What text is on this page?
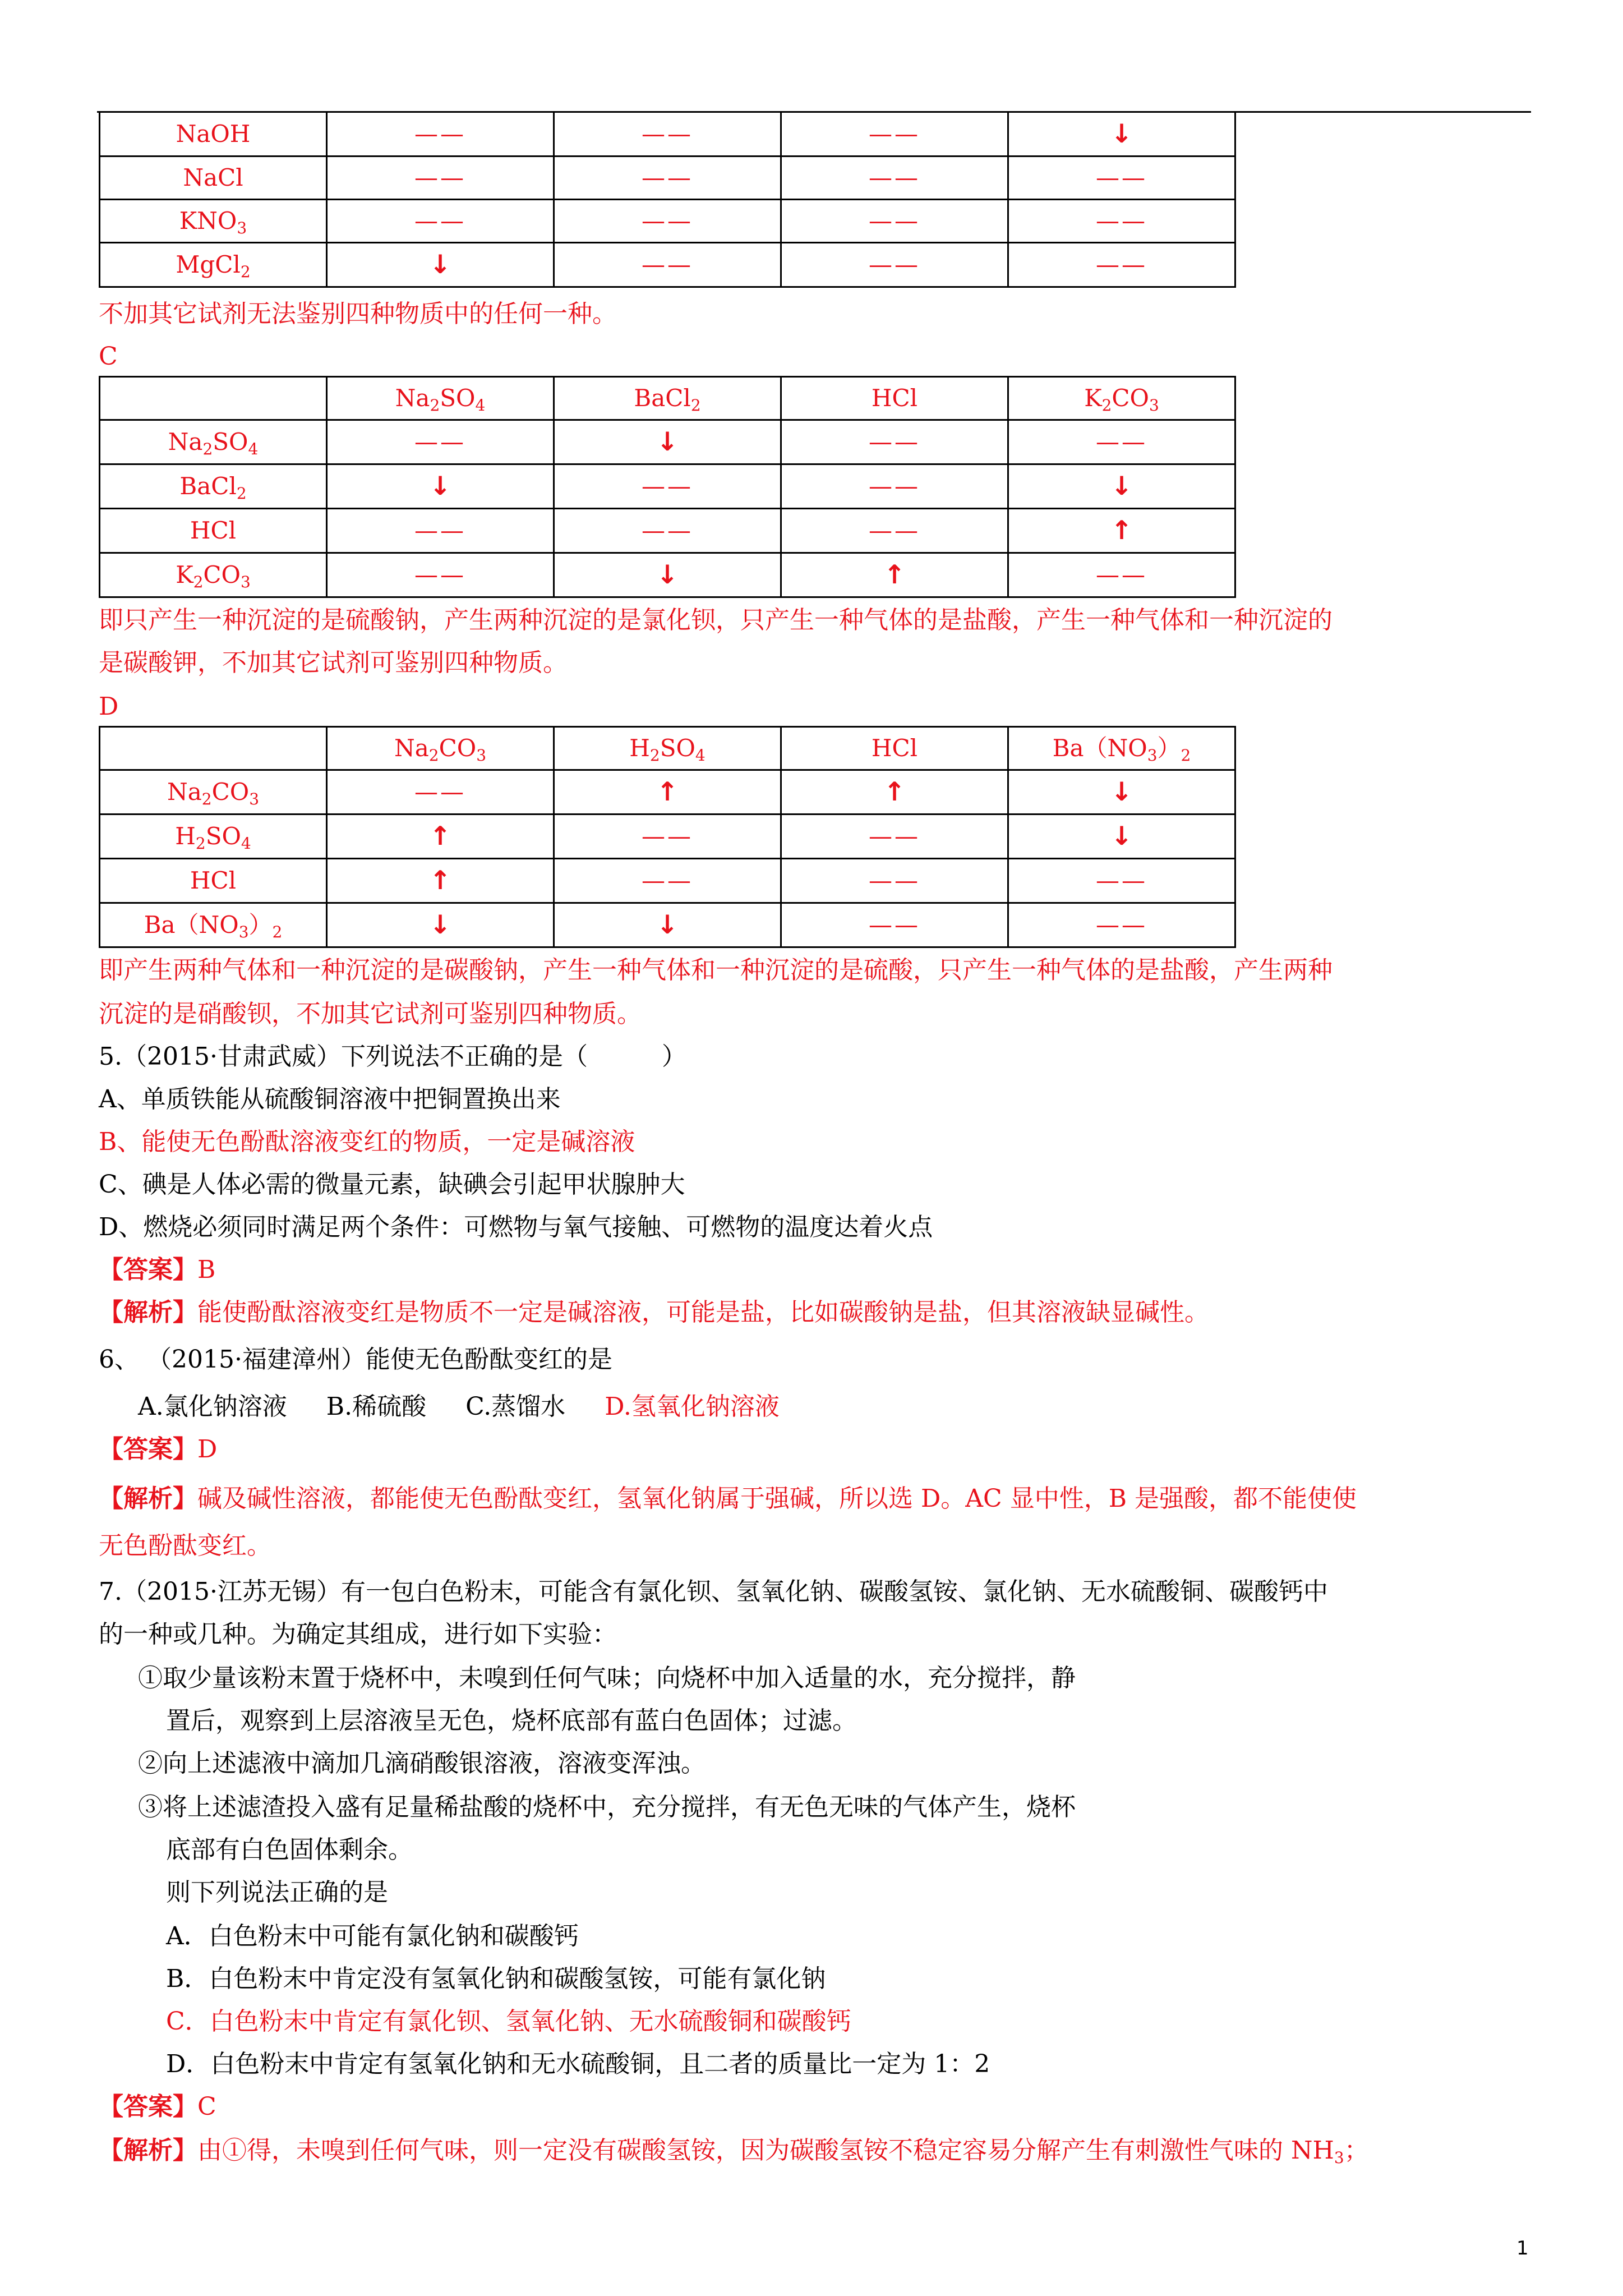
NaOH	——	——	——	↓
NaCl	——	——	——	——
$KNO_3$	——	——	——	——
MgCl$_2$	↓	——	——	——
不加其它试剂无法鉴别四种物质中的任何一种。
C
	$Na_2SO_4$	BaCl$_2$	HCl	$K_2CO_3$
$Na_2SO_4$	——	↓	——	——
BaCl$_2$	↓	——	——	↓
HCl	——	——	——	↑
$K_2CO_3$	——	↓	↑	——
即只产生一种沉淀的是硫酸钠，产生两种沉淀的是氯化钡，只产生一种气体的是盐酸，产生一种气体和一种沉淀的
是碳酸钾，不加其它试剂可鉴别四种物质。
D
	$Na_2CO_3$	$H_2SO_4$	HCl	$Ba(NO_3)_2$
$Na_2CO_3$	——	↑	↑	↓
$H_2SO_4$	↑	——	——	↓
HCl	↑	——	——	——
$Ba(NO_3)_2$	↓	↓	——	——
即产生两种气体和一种沉淀的是碳酸钠，产生一种气体和一种沉淀的是硫酸，只产生一种气体的是盐酸，产生两种
沉淀的是硝酸钡，不加其它试剂可鉴别四种物质。
5.（2015·甘肃武威）下列说法不正确的是（　　　）
A、单质铁能从硫酸铜溶液中把铜置换出来
B、能使无色酚酞溶液变红的物质，一定是碱溶液
C、碘是人体必需的微量元素，缺碘会引起甲状腺肿大
D、燃烧必须同时满足两个条件：可燃物与氧气接触、可燃物的温度达着火点
【答案】B
【解析】能使酚酞溶液变红是物质不一定是碱溶液，可能是盐，比如碳酸钠是盐，但其溶液缺显碱性。
6、 （2015·福建漳州）能使无色酚酞变红的是
A.氯化钠溶液 B.稀硫酸 C.蒸馏水 D.氢氧化钠溶液
【答案】D
【解析】碱及碱性溶液，都能使无色酚酞变红，氢氧化钠属于强碱，所以选 D。AC 显中性，B 是强酸，都不能使使
无色酚酞变红。
7.（2015·江苏无锡）有一包白色粉末，可能含有氯化钡、氢氧化钠、碳酸氢铵、氯化钠、无水硫酸铜、碳酸钙中
的一种或几种。为确定其组成，进行如下实验：
①取少量该粉末置于烧杯中，未嗅到任何气味；向烧杯中加入适量的水，充分搅拌，静
置后，观察到上层溶液呈无色，烧杯底部有蓝白色固体；过滤。
②向上述滤液中滴加几滴硝酸银溶液，溶液变浑浊。
③将上述滤渣投入盛有足量稀盐酸的烧杯中，充分搅拌，有无色无味的气体产生，烧杯
底部有白色固体剩余。
则下列说法正确的是
A．白色粉末中可能有氯化钠和碳酸钙
B．白色粉末中肯定没有氢氧化钠和碳酸氢铵，可能有氯化钠
C．白色粉末中肯定有氯化钡、氢氧化钠、无水硫酸铜和碳酸钙
D．白色粉末中肯定有氢氧化钠和无水硫酸铜，且二者的质量比一定为 1：2
【答案】C
【解析】由①得，未嗅到任何气味，则一定没有碳酸氢铵，因为碳酸氢铵不稳定容易分解产生有刺激性气味的 $NH_3$；
1
